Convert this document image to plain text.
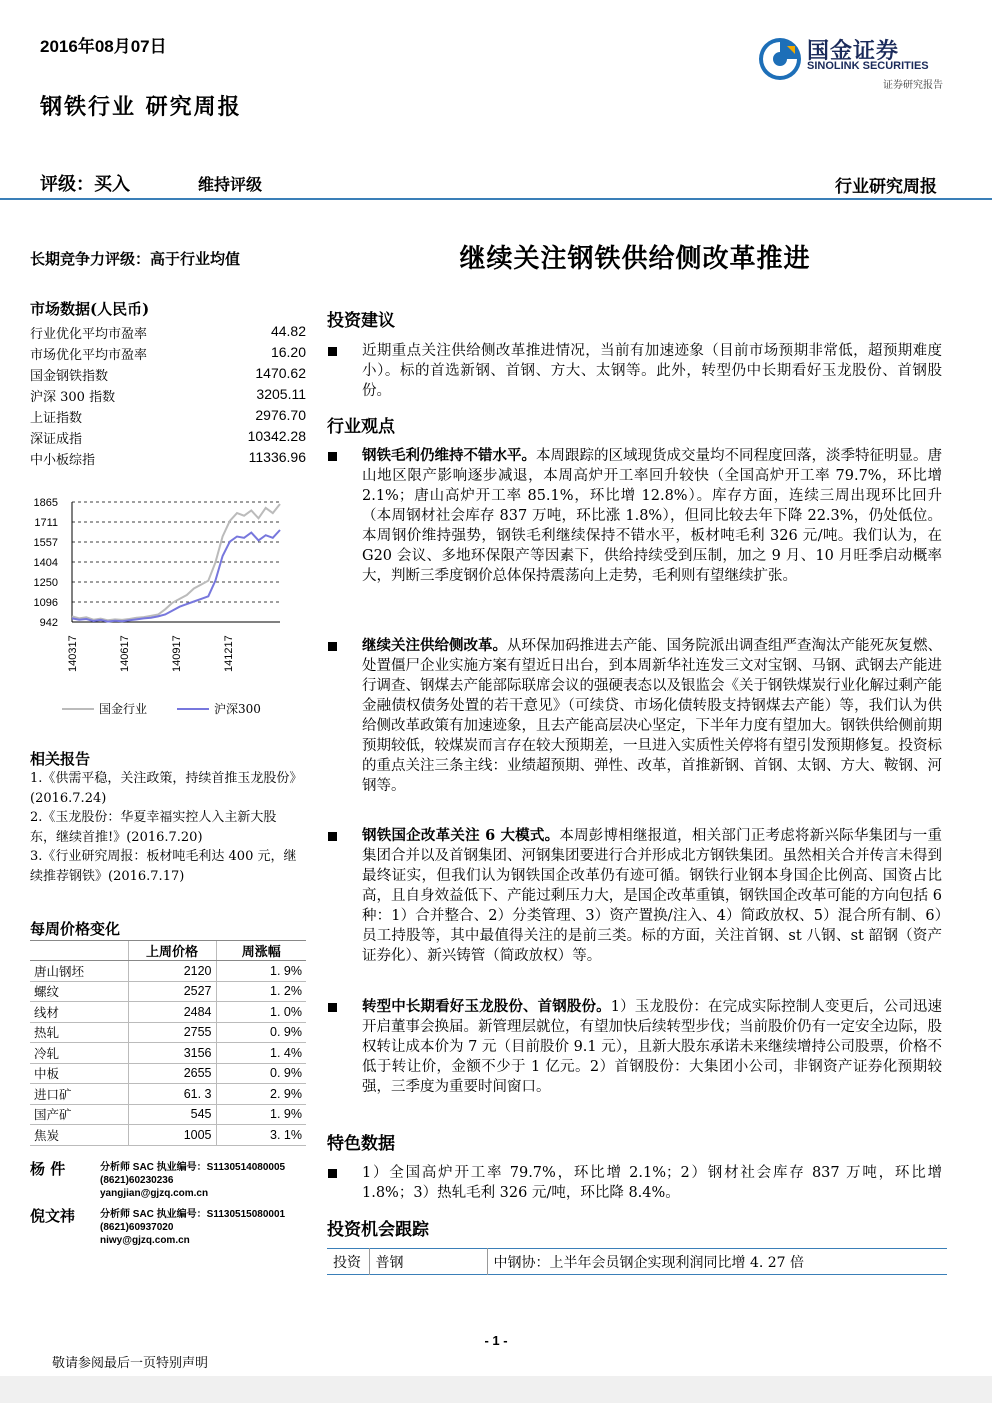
2016年08月07日	国金证券
SINOLINK SECURITIES
证券研究报告
钢铁行业 研究周报
评级：买入	维持评级	行业研究周报
长期竞争力评级：高于行业均值	继续关注钢铁供给侧改革推进
市场数据(人民币)
行业优化平均市盈率	44.82
市场优化平均市盈率	16.20
国金钢铁指数	1470.62
沪深 300 指数	3205.11
上证指数	2976.70
深证成指	10342.28
中小板综指	11336.96
1865
1711
1557
1404
1250
1096
942
140317	140617	140917	141217
国金行业	沪深300
相关报告
1.《供需平稳，关注政策，持续首推玉龙股份》(2016.7.24)
2.《玉龙股份：华夏幸福实控人入主新大股东，继续首推!》(2016.7.20)
3.《行业研究周报：板材吨毛利达 400 元，继续推荐钢铁》(2016.7.17)
每周价格变化
	上周价格	周涨幅
唐山钢坯	2120	1. 9%
螺纹	2527	1. 2%
线材	2484	1. 0%
热轧	2755	0. 9%
冷轧	3156	1. 4%
中板	2655	0. 9%
进口矿	61. 3	2. 9%
国产矿	545	1. 9%
焦炭	1005	3. 1%
杨 件	分析师 SAC 执业编号：S1130514080005
(8621)60230236
yangjian@gjzq.com.cn
倪文祎 分析师 SAC 执业编号：S1130515080001
(8621)60937020
niwy@gjzq.com.cn
投资建议
近期重点关注供给侧改革推进情况，当前有加速迹象（目前市场预期非常低，超预期难度小）。标的首选新钢、首钢、方大、太钢等。此外，转型仍中长期看好玉龙股份、首钢股份。
行业观点
钢铁毛利仍维持不错水平。本周跟踪的区域现货成交量均不同程度回落，淡季特征明显。唐山地区限产影响逐步减退，本周高炉开工率回升较快（全国高炉开工率 79.7%，环比增 2.1%；唐山高炉开工率 85.1%，环比增 12.8%）。库存方面，连续三周出现环比回升（本周钢材社会库存 837 万吨，环比涨 1.8%），但同比较去年下降 22.3%，仍处低位。本周钢价维持强势，钢铁毛利继续保持不错水平，板材吨毛利 326 元/吨。我们认为，在 G20 会议、多地环保限产等因素下，供给持续受到压制，加之 9 月、10 月旺季启动概率大，判断三季度钢价总体保持震荡向上走势，毛利则有望继续扩张。
继续关注供给侧改革。从环保加码推进去产能、国务院派出调查组严查淘汰产能死灰复燃、处置僵尸企业实施方案有望近日出台，到本周新华社连发三文对宝钢、马钢、武钢去产能进行调查、钢煤去产能部际联席会议的强硬表态以及银监会《关于钢铁煤炭行业化解过剩产能金融债权债务处置的若干意见》（可续贷、市场化债转股支持钢煤去产能）等，我们认为供给侧改革政策有加速迹象，且去产能高层决心坚定，下半年力度有望加大。钢铁供给侧前期预期较低，较煤炭而言存在较大预期差，一旦进入实质性关停将有望引发预期修复。投资标的重点关注三条主线：业绩超预期、弹性、改革，首推新钢、首钢、太钢、方大、鞍钢、河钢等。
钢铁国企改革关注 6 大模式。本周彭博相继报道，相关部门正考虑将新兴际华集团与一重集团合并以及首钢集团、河钢集团要进行合并形成北方钢铁集团。虽然相关合并传言未得到最终证实，但我们认为钢铁国企改革仍有迹可循。钢铁行业钢本身国企比例高、国资占比高，且自身效益低下、产能过剩压力大，是国企改革重镇，钢铁国企改革可能的方向包括 6 种：1）合并整合、2）分类管理、3）资产置换/注入、4）简政放权、5）混合所有制、6）员工持股等，其中最值得关注的是前三类。标的方面，关注首钢、st 八钢、st 韶钢（资产证券化）、新兴铸管（简政放权）等。
转型中长期看好玉龙股份、首钢股份。1）玉龙股份：在完成实际控制人变更后，公司迅速开启董事会换届。新管理层就位，有望加快后续转型步伐；当前股价仍有一定安全边际，股权转让成本价为 7 元（目前股价 9.1 元），且新大股东承诺未来继续增持公司股票，价格不低于转让价，金额不少于 1 亿元。2）首钢股份：大集团小公司，非钢资产证券化预期较强，三季度为重要时间窗口。
特色数据
1）全国高炉开工率 79.7%，环比增 2.1%；2）钢材社会库存 837 万吨，环比增 1.8%；3）热轧毛利 326 元/吨，环比降 8.4%。
投资机会跟踪
投资	普钢	中钢协：上半年会员钢企实现利润同比增 4. 27 倍
- 1 -
敬请参阅最后一页特别声明
